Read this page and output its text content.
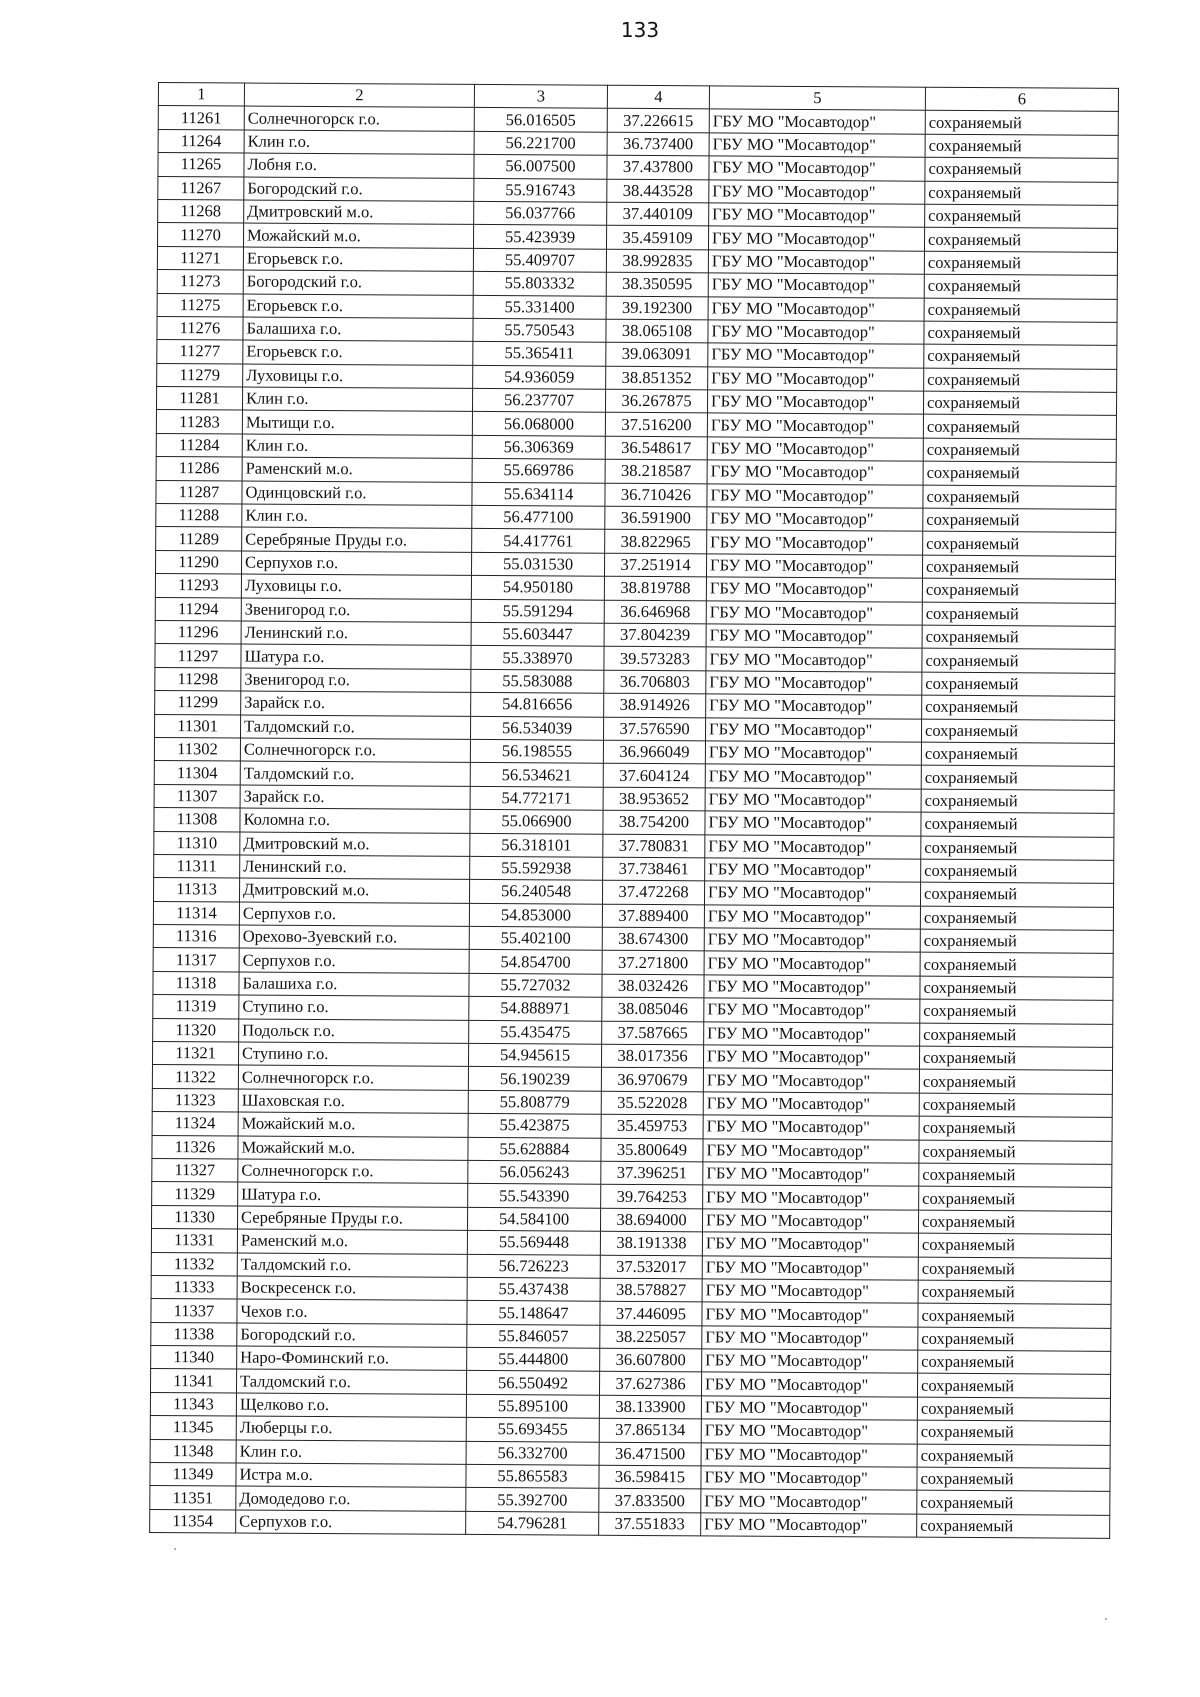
133
1	2	3	4	5	6
11261	Солнечногорск г.о.	56.016505	37.226615	ГБУ МО "Мосавтодор"	сохраняемый
11264	Клин г.о.	56.221700	36.737400	ГБУ МО "Мосавтодор"	сохраняемый
11265	Лобня г.о.	56.007500	37.437800	ГБУ МО "Мосавтодор"	сохраняемый
11267	Богородский г.о.	55.916743	38.443528	ГБУ МО "Мосавтодор"	сохраняемый
11268	Дмитровский м.о.	56.037766	37.440109	ГБУ МО "Мосавтодор"	сохраняемый
11270	Можайский м.о.	55.423939	35.459109	ГБУ МО "Мосавтодор"	сохраняемый
11271	Егорьевск г.о.	55.409707	38.992835	ГБУ МО "Мосавтодор"	сохраняемый
11273	Богородский г.о.	55.803332	38.350595	ГБУ МО "Мосавтодор"	сохраняемый
11275	Егорьевск г.о.	55.331400	39.192300	ГБУ МО "Мосавтодор"	сохраняемый
11276	Балашиха г.о.	55.750543	38.065108	ГБУ МО "Мосавтодор"	сохраняемый
11277	Егорьевск г.о.	55.365411	39.063091	ГБУ МО "Мосавтодор"	сохраняемый
11279	Луховицы г.о.	54.936059	38.851352	ГБУ МО "Мосавтодор"	сохраняемый
11281	Клин г.о.	56.237707	36.267875	ГБУ МО "Мосавтодор"	сохраняемый
11283	Мытищи г.о.	56.068000	37.516200	ГБУ МО "Мосавтодор"	сохраняемый
11284	Клин г.о.	56.306369	36.548617	ГБУ МО "Мосавтодор"	сохраняемый
11286	Раменский м.о.	55.669786	38.218587	ГБУ МО "Мосавтодор"	сохраняемый
11287	Одинцовский г.о.	55.634114	36.710426	ГБУ МО "Мосавтодор"	сохраняемый
11288	Клин г.о.	56.477100	36.591900	ГБУ МО "Мосавтодор"	сохраняемый
11289	Серебряные Пруды г.о.	54.417761	38.822965	ГБУ МО "Мосавтодор"	сохраняемый
11290	Серпухов г.о.	55.031530	37.251914	ГБУ МО "Мосавтодор"	сохраняемый
11293	Луховицы г.о.	54.950180	38.819788	ГБУ МО "Мосавтодор"	сохраняемый
11294	Звенигород г.о.	55.591294	36.646968	ГБУ МО "Мосавтодор"	сохраняемый
11296	Ленинский г.о.	55.603447	37.804239	ГБУ МО "Мосавтодор"	сохраняемый
11297	Шатура г.о.	55.338970	39.573283	ГБУ МО "Мосавтодор"	сохраняемый
11298	Звенигород г.о.	55.583088	36.706803	ГБУ МО "Мосавтодор"	сохраняемый
11299	Зарайск г.о.	54.816656	38.914926	ГБУ МО "Мосавтодор"	сохраняемый
11301	Талдомский г.о.	56.534039	37.576590	ГБУ МО "Мосавтодор"	сохраняемый
11302	Солнечногорск г.о.	56.198555	36.966049	ГБУ МО "Мосавтодор"	сохраняемый
11304	Талдомский г.о.	56.534621	37.604124	ГБУ МО "Мосавтодор"	сохраняемый
11307	Зарайск г.о.	54.772171	38.953652	ГБУ МО "Мосавтодор"	сохраняемый
11308	Коломна г.о.	55.066900	38.754200	ГБУ МО "Мосавтодор"	сохраняемый
11310	Дмитровский м.о.	56.318101	37.780831	ГБУ МО "Мосавтодор"	сохраняемый
11311	Ленинский г.о.	55.592938	37.738461	ГБУ МО "Мосавтодор"	сохраняемый
11313	Дмитровский м.о.	56.240548	37.472268	ГБУ МО "Мосавтодор"	сохраняемый
11314	Серпухов г.о.	54.853000	37.889400	ГБУ МО "Мосавтодор"	сохраняемый
11316	Орехово-Зуевский г.о.	55.402100	38.674300	ГБУ МО "Мосавтодор"	сохраняемый
11317	Серпухов г.о.	54.854700	37.271800	ГБУ МО "Мосавтодор"	сохраняемый
11318	Балашиха г.о.	55.727032	38.032426	ГБУ МО "Мосавтодор"	сохраняемый
11319	Ступино г.о.	54.888971	38.085046	ГБУ МО "Мосавтодор"	сохраняемый
11320	Подольск г.о.	55.435475	37.587665	ГБУ МО "Мосавтодор"	сохраняемый
11321	Ступино г.о.	54.945615	38.017356	ГБУ МО "Мосавтодор"	сохраняемый
11322	Солнечногорск г.о.	56.190239	36.970679	ГБУ МО "Мосавтодор"	сохраняемый
11323	Шаховская г.о.	55.808779	35.522028	ГБУ МО "Мосавтодор"	сохраняемый
11324	Можайский м.о.	55.423875	35.459753	ГБУ МО "Мосавтодор"	сохраняемый
11326	Можайский м.о.	55.628884	35.800649	ГБУ МО "Мосавтодор"	сохраняемый
11327	Солнечногорск г.о.	56.056243	37.396251	ГБУ МО "Мосавтодор"	сохраняемый
11329	Шатура г.о.	55.543390	39.764253	ГБУ МО "Мосавтодор"	сохраняемый
11330	Серебряные Пруды г.о.	54.584100	38.694000	ГБУ МО "Мосавтодор"	сохраняемый
11331	Раменский м.о.	55.569448	38.191338	ГБУ МО "Мосавтодор"	сохраняемый
11332	Талдомский г.о.	56.726223	37.532017	ГБУ МО "Мосавтодор"	сохраняемый
11333	Воскресенск г.о.	55.437438	38.578827	ГБУ МО "Мосавтодор"	сохраняемый
11337	Чехов г.о.	55.148647	37.446095	ГБУ МО "Мосавтодор"	сохраняемый
11338	Богородский г.о.	55.846057	38.225057	ГБУ МО "Мосавтодор"	сохраняемый
11340	Наро-Фоминский г.о.	55.444800	36.607800	ГБУ МО "Мосавтодор"	сохраняемый
11341	Талдомский г.о.	56.550492	37.627386	ГБУ МО "Мосавтодор"	сохраняемый
11343	Щелково г.о.	55.895100	38.133900	ГБУ МО "Мосавтодор"	сохраняемый
11345	Люберцы г.о.	55.693455	37.865134	ГБУ МО "Мосавтодор"	сохраняемый
11348	Клин г.о.	56.332700	36.471500	ГБУ МО "Мосавтодор"	сохраняемый
11349	Истра м.о.	55.865583	36.598415	ГБУ МО "Мосавтодор"	сохраняемый
11351	Домодедово г.о.	55.392700	37.833500	ГБУ МО "Мосавтодор"	сохраняемый
11354	Серпухов г.о.	54.796281	37.551833	ГБУ МО "Мосавтодор"	сохраняемый
